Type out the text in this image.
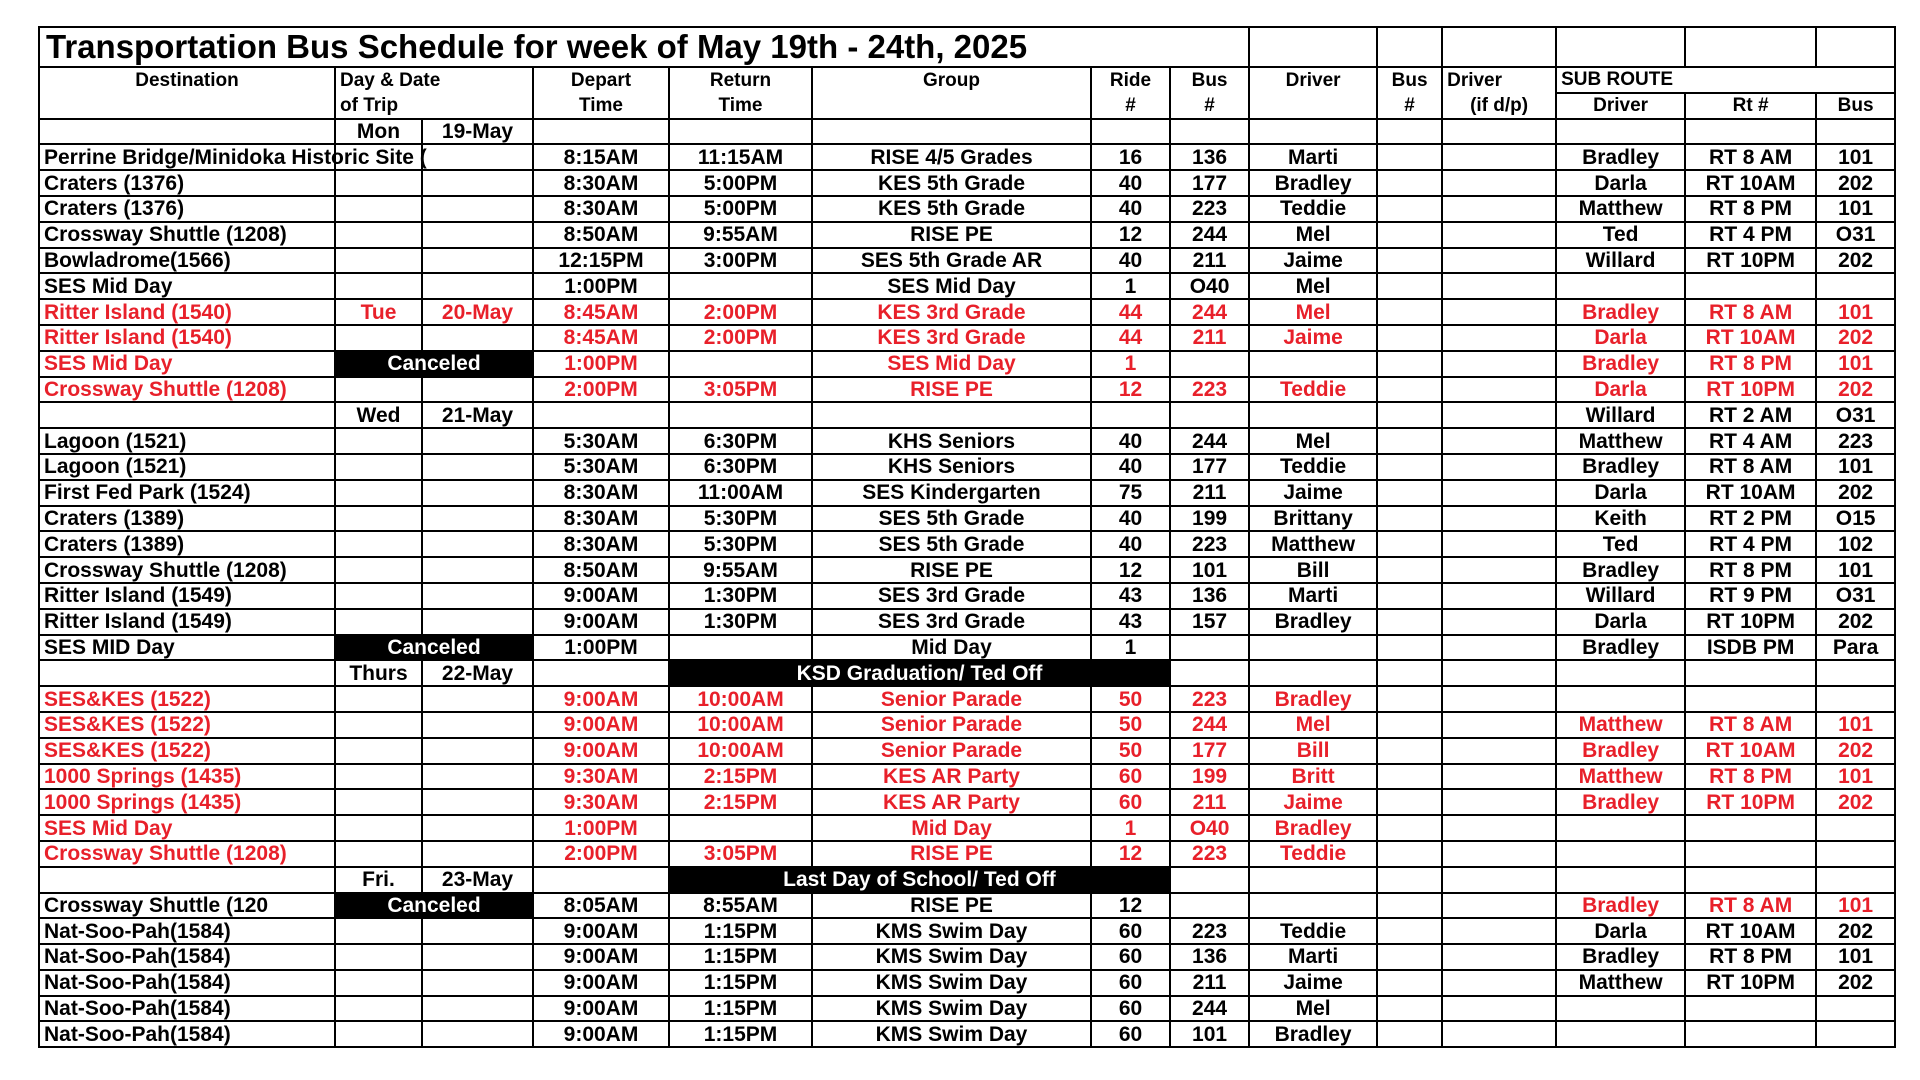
Transportation Bus Schedule for week of May 19th - 24th, 2025													
Destination	Day & Date		Depart	Return	Group	Ride	Bus	Driver	Bus	Driver	SUB ROUTE		
	of Trip		Time	Time		#	#		#	(if d/p)	Driver	Rt #	Bus
	Mon	19-May											
Perrine Bridge/Minidoka Historic Site (			8:15AM	11:15AM	RISE 4/5 Grades	16	136	Marti			Bradley	RT 8 AM	101
Craters (1376)			8:30AM	5:00PM	KES 5th Grade	40	177	Bradley			Darla	RT 10AM	202
Craters (1376)			8:30AM	5:00PM	KES 5th Grade	40	223	Teddie			Matthew	RT 8 PM	101
Crossway Shuttle (1208)			8:50AM	9:55AM	RISE PE	12	244	Mel			Ted	RT 4 PM	O31
Bowladrome(1566)			12:15PM	3:00PM	SES 5th Grade AR	40	211	Jaime			Willard	RT 10PM	202
SES Mid Day			1:00PM		SES Mid Day	1	O40	Mel					
Ritter Island (1540)	Tue	20-May	8:45AM	2:00PM	KES 3rd Grade	44	244	Mel			Bradley	RT 8 AM	101
Ritter Island (1540)			8:45AM	2:00PM	KES 3rd Grade	44	211	Jaime			Darla	RT 10AM	202
SES Mid Day	Canceled		1:00PM		SES Mid Day	1					Bradley	RT 8 PM	101
Crossway Shuttle (1208)			2:00PM	3:05PM	RISE PE	12	223	Teddie			Darla	RT 10PM	202
	Wed	21-May									Willard	RT 2 AM	O31
Lagoon (1521)			5:30AM	6:30PM	KHS Seniors	40	244	Mel			Matthew	RT 4 AM	223
Lagoon (1521)			5:30AM	6:30PM	KHS Seniors	40	177	Teddie			Bradley	RT 8 AM	101
First Fed Park (1524)			8:30AM	11:00AM	SES Kindergarten	75	211	Jaime			Darla	RT 10AM	202
Craters (1389)			8:30AM	5:30PM	SES 5th Grade	40	199	Brittany			Keith	RT 2 PM	O15
Craters (1389)			8:30AM	5:30PM	SES 5th Grade	40	223	Matthew			Ted	RT 4 PM	102
Crossway Shuttle (1208)			8:50AM	9:55AM	RISE PE	12	101	Bill			Bradley	RT 8 PM	101
Ritter Island (1549)			9:00AM	1:30PM	SES 3rd Grade	43	136	Marti			Willard	RT 9 PM	O31
Ritter Island (1549)			9:00AM	1:30PM	SES 3rd Grade	43	157	Bradley			Darla	RT 10PM	202
SES MID Day	Canceled		1:00PM		Mid Day	1					Bradley	ISDB PM	Para
	Thurs	22-May		KSD Graduation/ Ted Off									
SES&KES (1522)			9:00AM	10:00AM	Senior Parade	50	223	Bradley					
SES&KES (1522)			9:00AM	10:00AM	Senior Parade	50	244	Mel			Matthew	RT 8 AM	101
SES&KES (1522)			9:00AM	10:00AM	Senior Parade	50	177	Bill			Bradley	RT 10AM	202
1000 Springs (1435)			9:30AM	2:15PM	KES AR Party	60	199	Britt			Matthew	RT 8 PM	101
1000 Springs (1435)			9:30AM	2:15PM	KES AR Party	60	211	Jaime			Bradley	RT 10PM	202
SES Mid Day			1:00PM		Mid Day	1	O40	Bradley					
Crossway Shuttle (1208)			2:00PM	3:05PM	RISE PE	12	223	Teddie					
	Fri.	23-May		Last Day of School/ Ted Off									
Crossway Shuttle (120	Canceled		8:05AM	8:55AM	RISE PE	12					Bradley	RT 8 AM	101
Nat-Soo-Pah(1584)			9:00AM	1:15PM	KMS Swim Day	60	223	Teddie			Darla	RT 10AM	202
Nat-Soo-Pah(1584)			9:00AM	1:15PM	KMS Swim Day	60	136	Marti			Bradley	RT 8 PM	101
Nat-Soo-Pah(1584)			9:00AM	1:15PM	KMS Swim Day	60	211	Jaime			Matthew	RT 10PM	202
Nat-Soo-Pah(1584)			9:00AM	1:15PM	KMS Swim Day	60	244	Mel					
Nat-Soo-Pah(1584)			9:00AM	1:15PM	KMS Swim Day	60	101	Bradley					
